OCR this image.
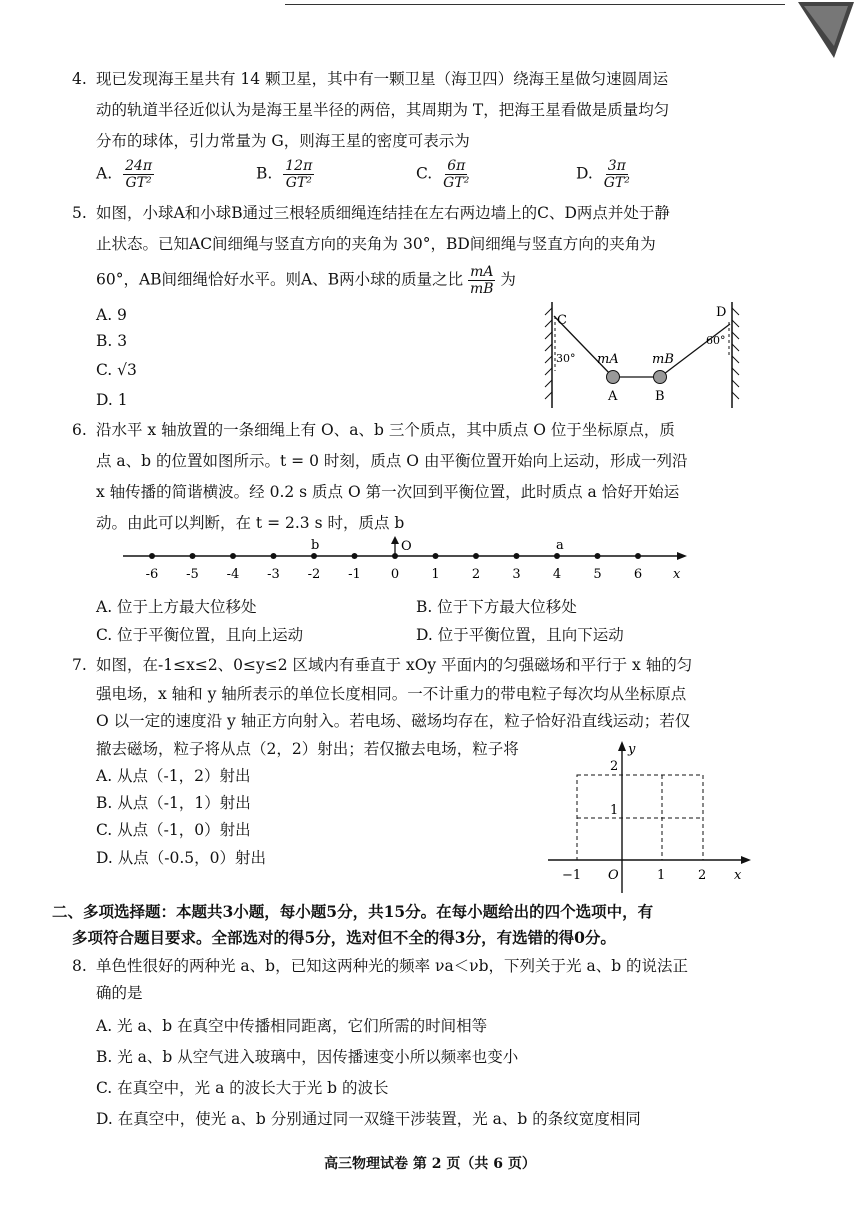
4. 现已发现海王星共有 14 颗卫星，其中有一颗卫星（海卫四）绕海王星做匀速圆周运
动的轨道半径近似认为是海王星半径的两倍，其周期为 T，把海王星看做是质量均匀
分布的球体，引力常量为 G，则海王星的密度可表示为
A. $\frac{24\pi}{\text{GT²}}$	B. $\frac{12\pi}{\text{GT²}}$	C. $\frac{6\pi}{\text{GT²}}$	D. $\frac{3\pi}{\text{GT²}}$
5. 如图，小球A和小球B通过三根轻质细绳连结挂在左右两边墙上的C、D两点并处于静
止状态。已知AC间细绳与竖直方向的夹角为 30°，BD间细绳与竖直方向的夹角为
60°，AB间细绳恰好水平。则A、B两小球的质量之比 $\frac{mA}{mB}$ 为
A. 9
B. 3
C. √3
D. 1
C
D
30°
60°
mA	mB
A	B
6. 沿水平 x 轴放置的一条细绳上有 O、a、b 三个质点，其中质点 O 位于坐标原点，质
点 a、b 的位置如图所示。t = 0 时刻，质点 O 由平衡位置开始向上运动，形成一列沿
x 轴传播的简谐横波。经 0.2 s 质点 O 第一次回到平衡位置，此时质点 a 恰好开始运
动。由此可以判断，在 t = 2.3 s 时，质点 b
-6 -5 -4 -3 -2 -1 0 1 2 3 4 5 6
b	O	a
x
A. 位于上方最大位移处	B. 位于下方最大位移处
C. 位于平衡位置，且向上运动	D. 位于平衡位置，且向下运动
7. 如图，在-1≤x≤2、0≤y≤2 区域内有垂直于 xOy 平面内的匀强磁场和平行于 x 轴的匀
强电场，x 轴和 y 轴所表示的单位长度相同。一不计重力的带电粒子每次均从坐标原点
O 以一定的速度沿 y 轴正方向射入。若电场、磁场均存在，粒子恰好沿直线运动；若仅
撤去磁场，粒子将从点（2，2）射出；若仅撤去电场，粒子将
A. 从点（-1，2）射出
B. 从点（-1，1）射出
C. 从点（-1，0）射出
D. 从点（-0.5，0）射出
y
2
1
−1 O	1	2 x
二、多项选择题：本题共3小题，每小题5分，共15分。在每小题给出的四个选项中，有
多项符合题目要求。全部选对的得5分，选对但不全的得3分，有选错的得0分。
8. 单色性很好的两种光 a、b，已知这两种光的频率 νa＜νb，下列关于光 a、b 的说法正
确的是
A. 光 a、b 在真空中传播相同距离，它们所需的时间相等
B. 光 a、b 从空气进入玻璃中，因传播速变小所以频率也变小
C. 在真空中，光 a 的波长大于光 b 的波长
D. 在真空中，使光 a、b 分别通过同一双缝干涉装置，光 a、b 的条纹宽度相同
高三物理试卷 第 2 页（共 6 页）
